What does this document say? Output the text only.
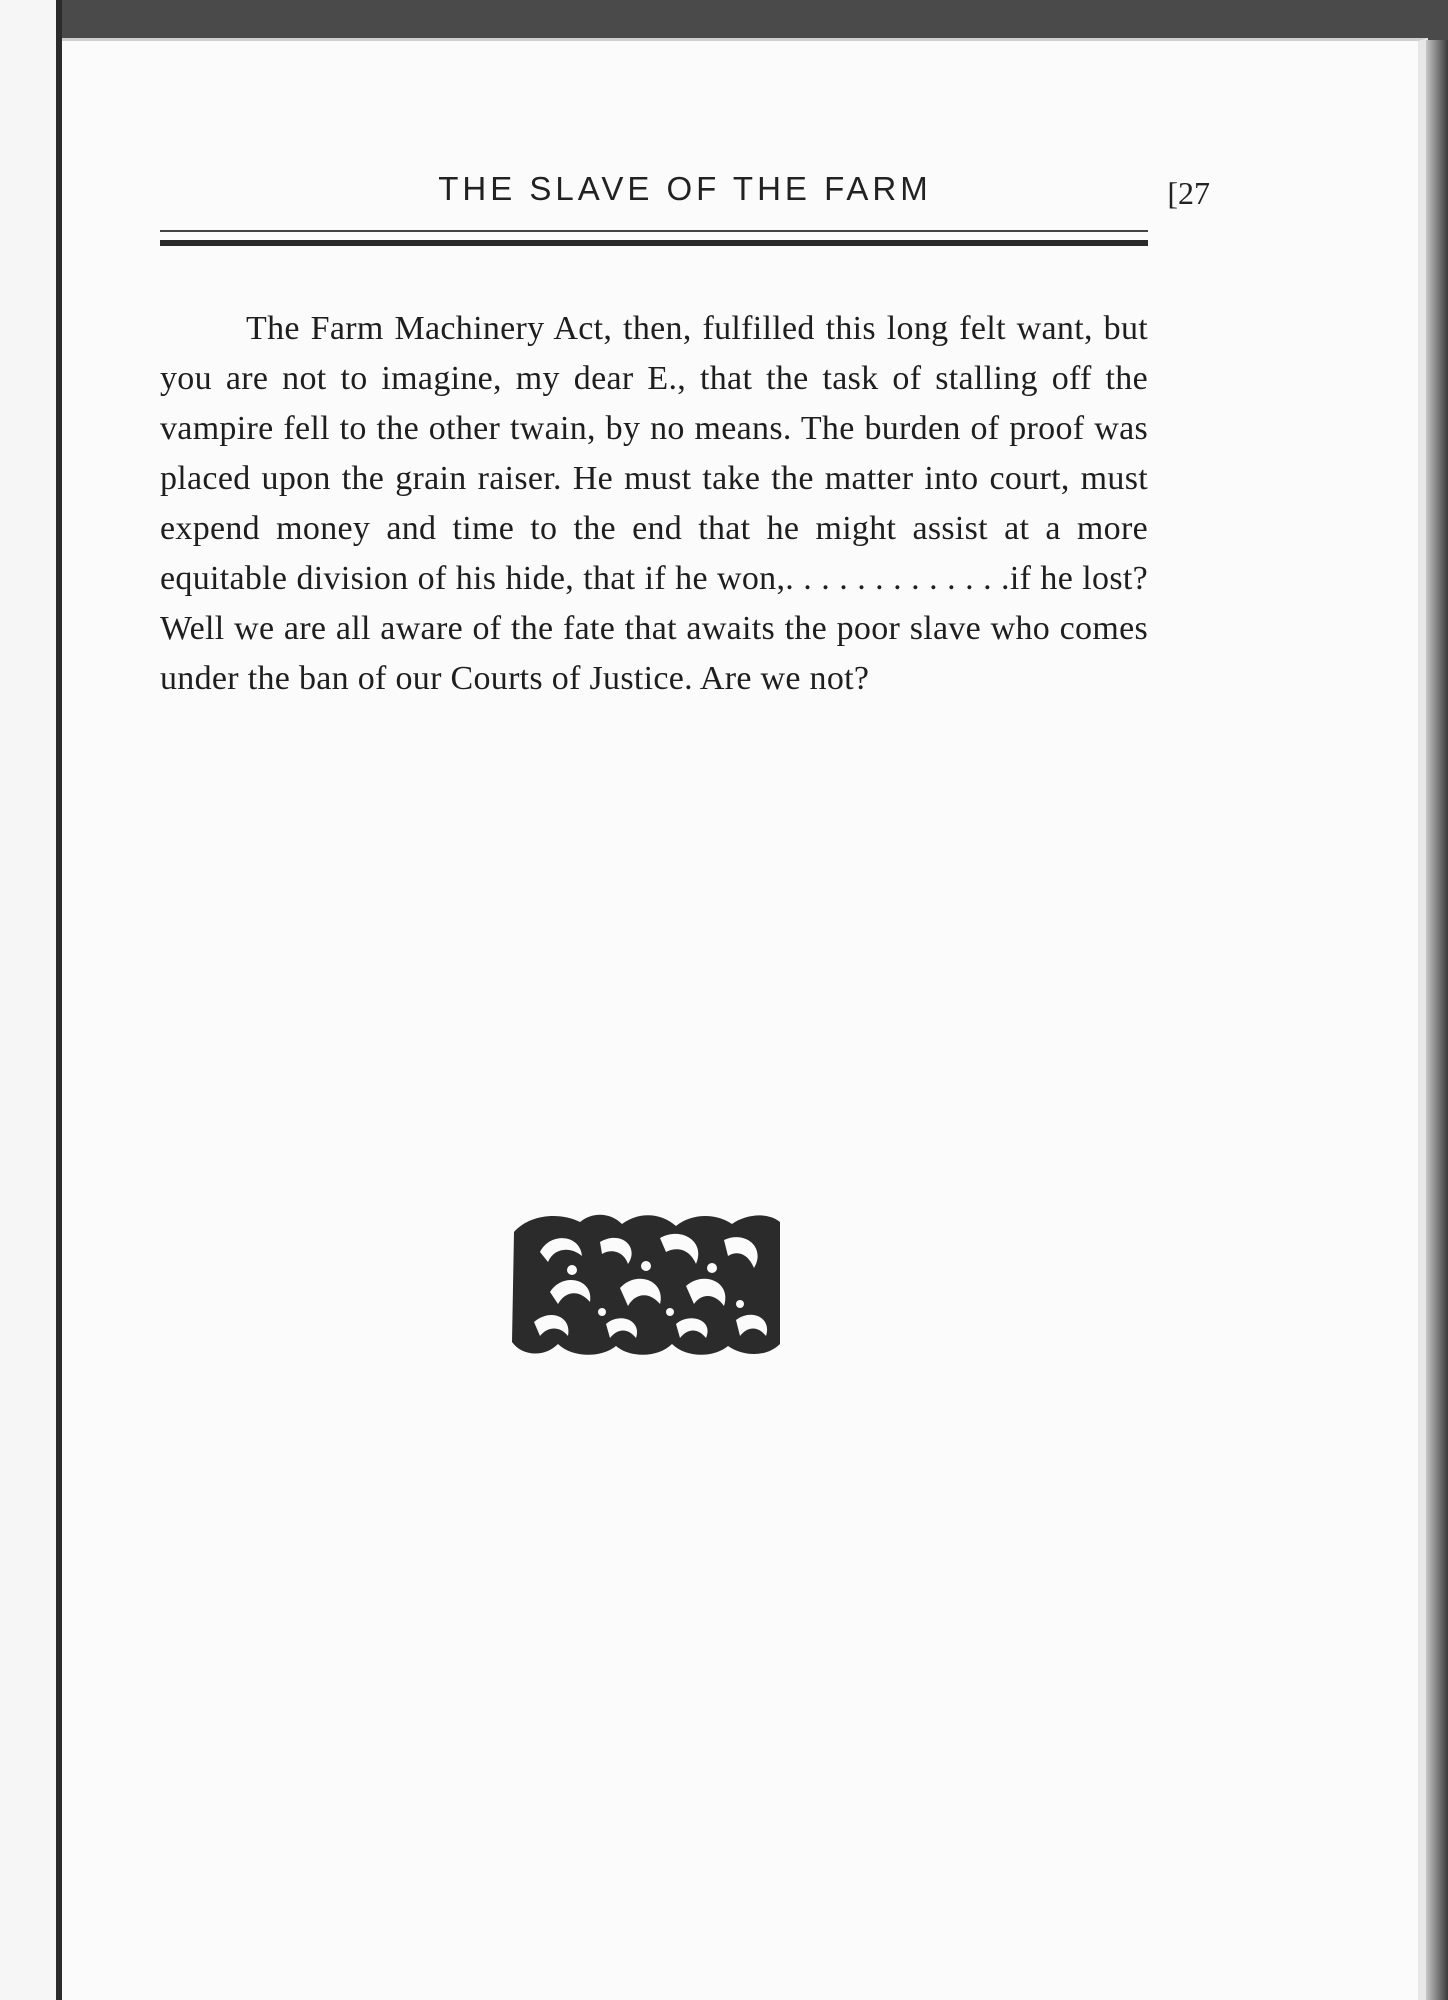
THE SLAVE OF THE FARM	[27

The Farm Machinery Act, then, fulfilled this long felt want, but you are not to imagine, my dear E., that the task of stalling off the vampire fell to the other twain, by no means. The burden of proof was placed upon the grain raiser. He must take the matter into court, must expend money and time to the end that he might assist at a more equitable division of his hide, that if he won,. . . . . . . . . . . . .if he lost? Well we are all aware of the fate that awaits the poor slave who comes under the ban of our Courts of Justice. Are we not?
